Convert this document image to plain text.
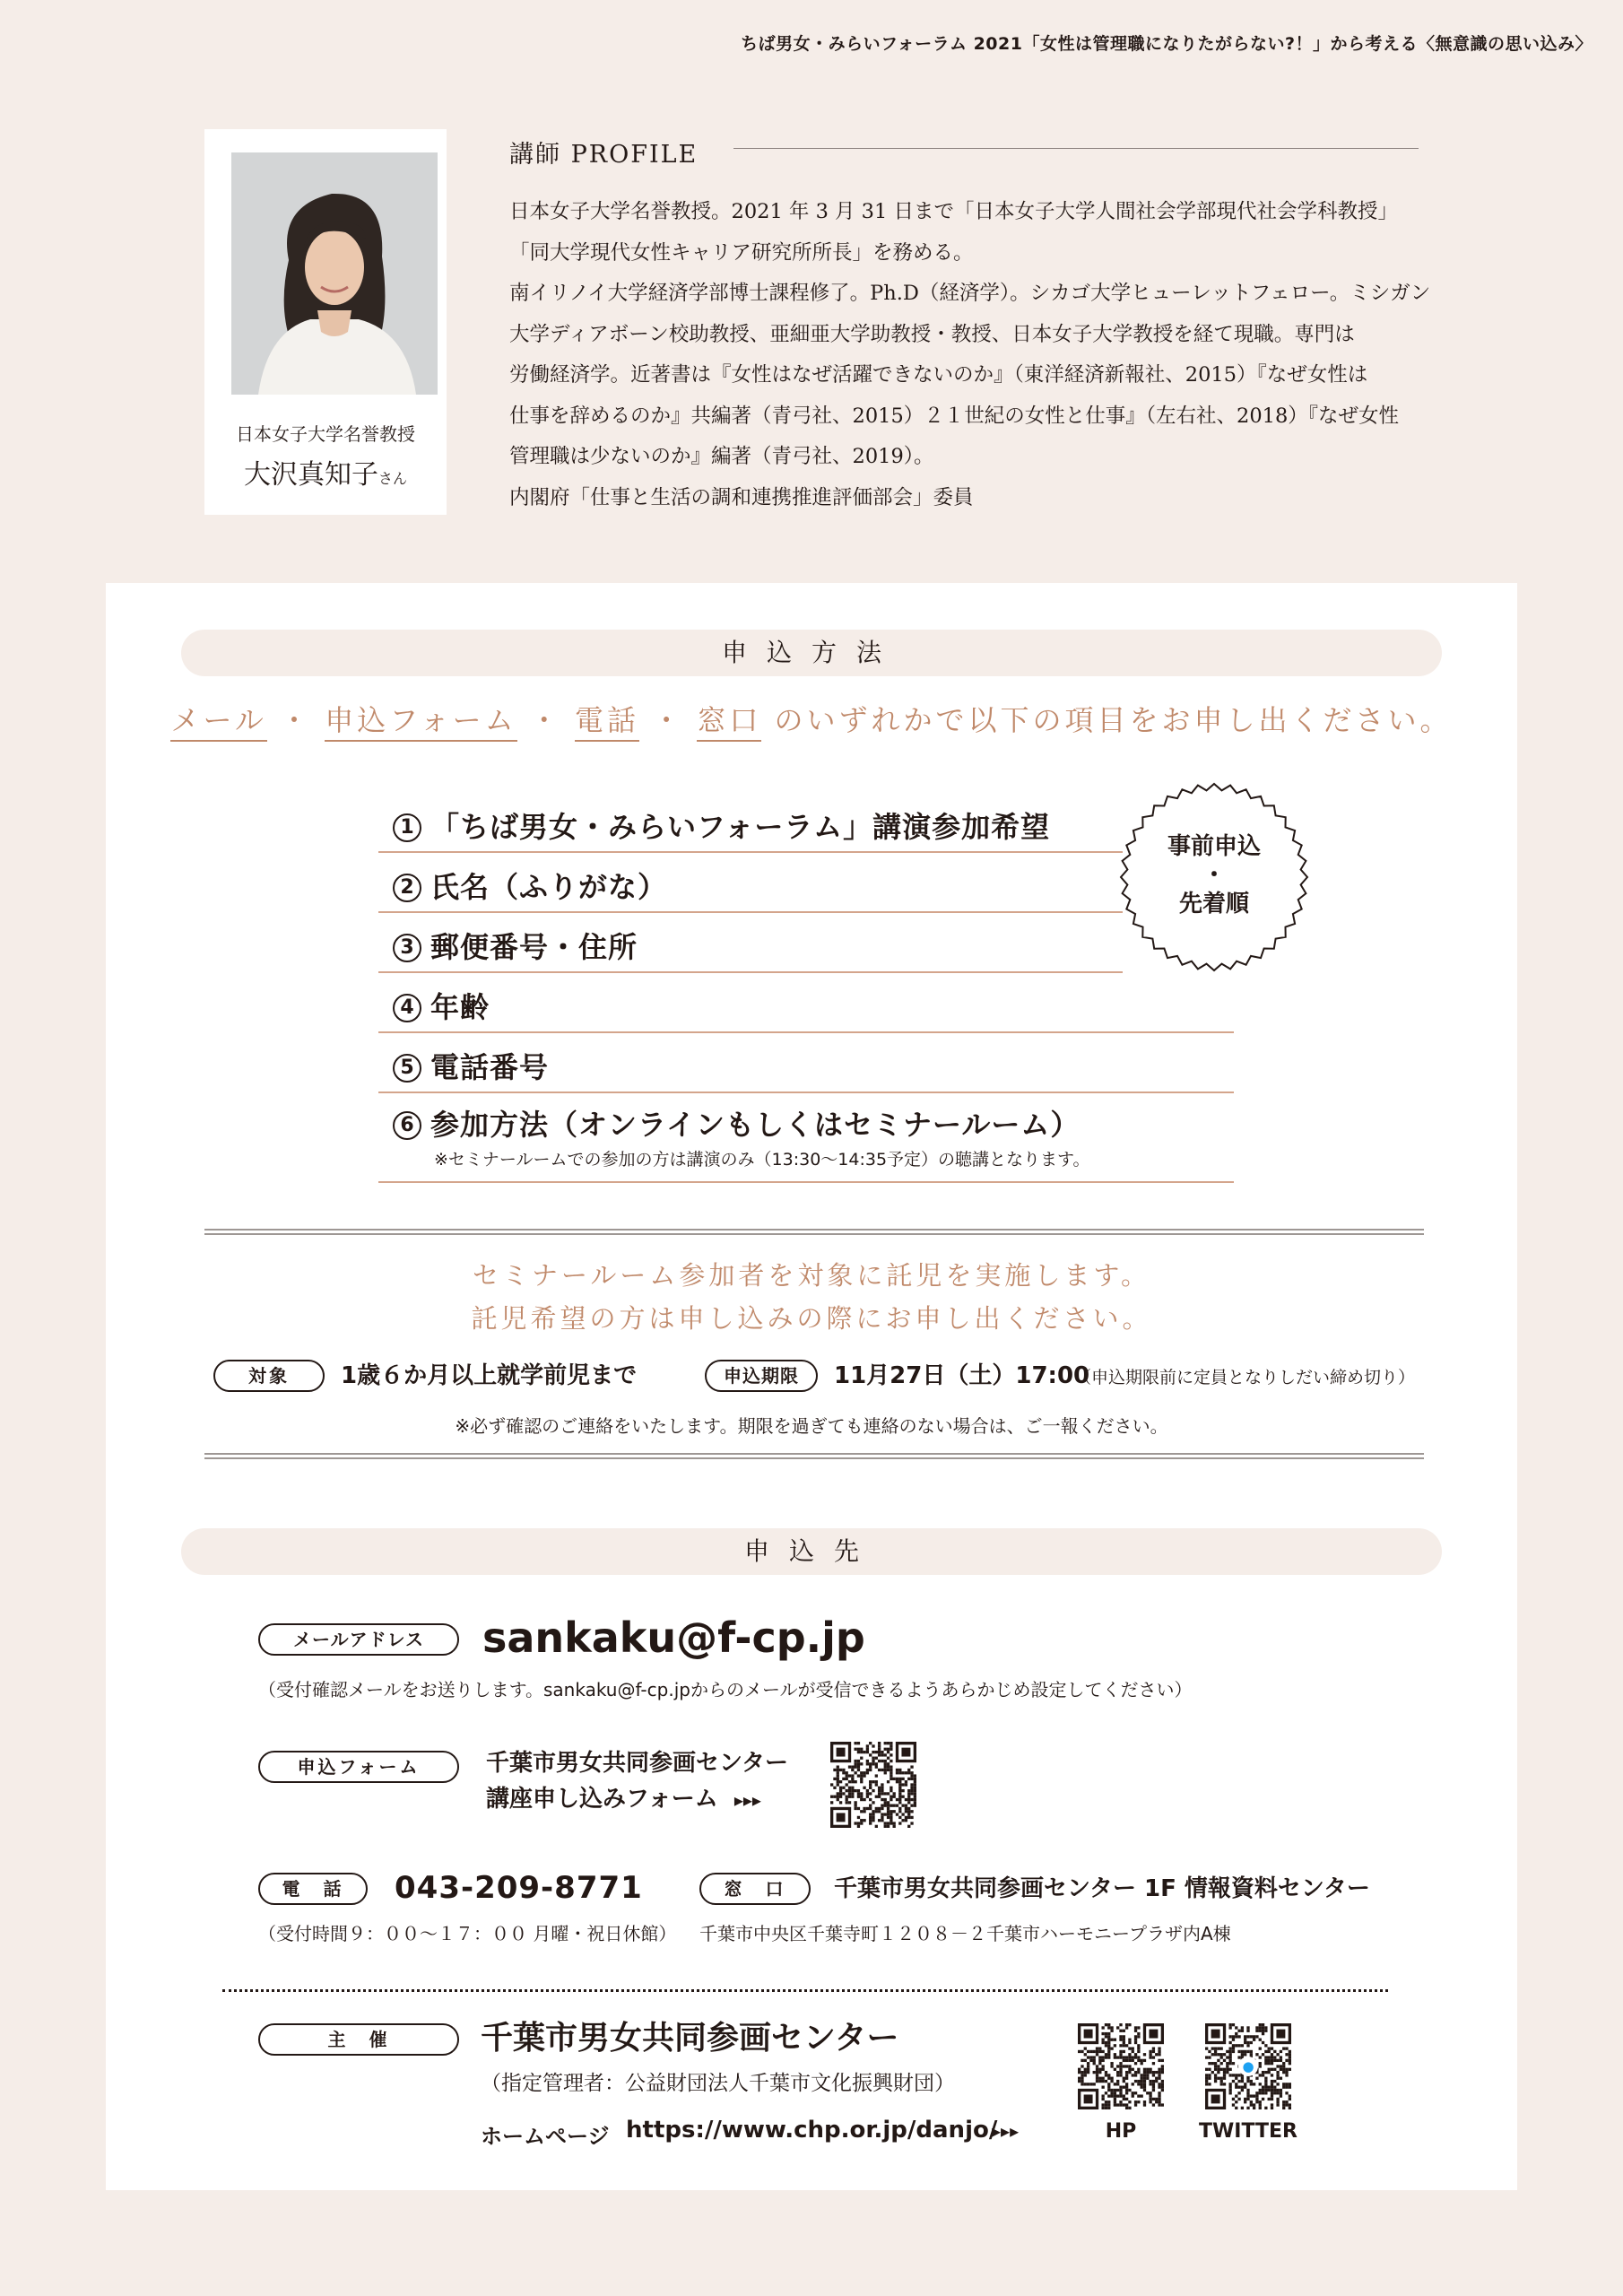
ちば男女・みらいフォーラム 2021「女性は管理職になりたがらない?！」から考える〈無意識の思い込み〉
日本女子大学名誉教授
大沢真知子さん
講師 PROFILE
日本女子大学名誉教授。2021 年 3 月 31 日まで「日本女子大学人間社会学部現代社会学科教授」
「同大学現代女性キャリア研究所所長」を務める。
南イリノイ大学経済学部博士課程修了。Ph.D（経済学）。シカゴ大学ヒューレットフェロー。ミシガン
大学ディアボーン校助教授、亜細亜大学助教授・教授、日本女子大学教授を経て現職。専門は
労働経済学。近著書は『女性はなぜ活躍できないのか』（東洋経済新報社、2015）『なぜ女性は
仕事を辞めるのか』共編著（青弓社、2015）２１世紀の女性と仕事』（左右社、2018）『なぜ女性
管理職は少ないのか』編著（青弓社、2019）。
内閣府「仕事と生活の調和連携推進評価部会」委員
申込方法
メール ・ 申込フォーム ・ 電話 ・ 窓口 のいずれかで以下の項目をお申し出ください。
1 「ちば男女・みらいフォーラム」講演参加希望
2 氏名（ふりがな）
3 郵便番号・住所
4 年齢
5 電話番号
6 参加方法（オンラインもしくはセミナールーム）
※セミナールームでの参加の方は講演のみ（13:30～14:35予定）の聴講となります。
事前申込
・
先着順
セミナールーム参加者を対象に託児を実施します。
託児希望の方は申し込みの際にお申し出ください。
対象	1歳６か月以上就学前児まで	申込期限	11月27日（土）17:00
（申込期限前に定員となりしだい締め切り）
※必ず確認のご連絡をいたします。期限を過ぎても連絡のない場合は、ご一報ください。
申込先
メールアドレス	sankaku@f-cp.jp
（受付確認メールをお送りします。sankaku@f-cp.jpからのメールが受信できるようあらかじめ設定してください）
申込フォーム	千葉市男女共同参画センター
講座申し込みフォーム ▸▸▸
電　話	043-209-8771
（受付時間９：００～１７：００ 月曜・祝日休館）
窓　口	千葉市男女共同参画センター 1F 情報資料センター
千葉市中央区千葉寺町１２０８－２千葉市ハーモニープラザ内A棟
主　催	千葉市男女共同参画センター
（指定管理者：公益財団法人千葉市文化振興財団）
ホームページ https://www.chp.or.jp/danjo/
▸▸▸	HP
●
TWITTER
